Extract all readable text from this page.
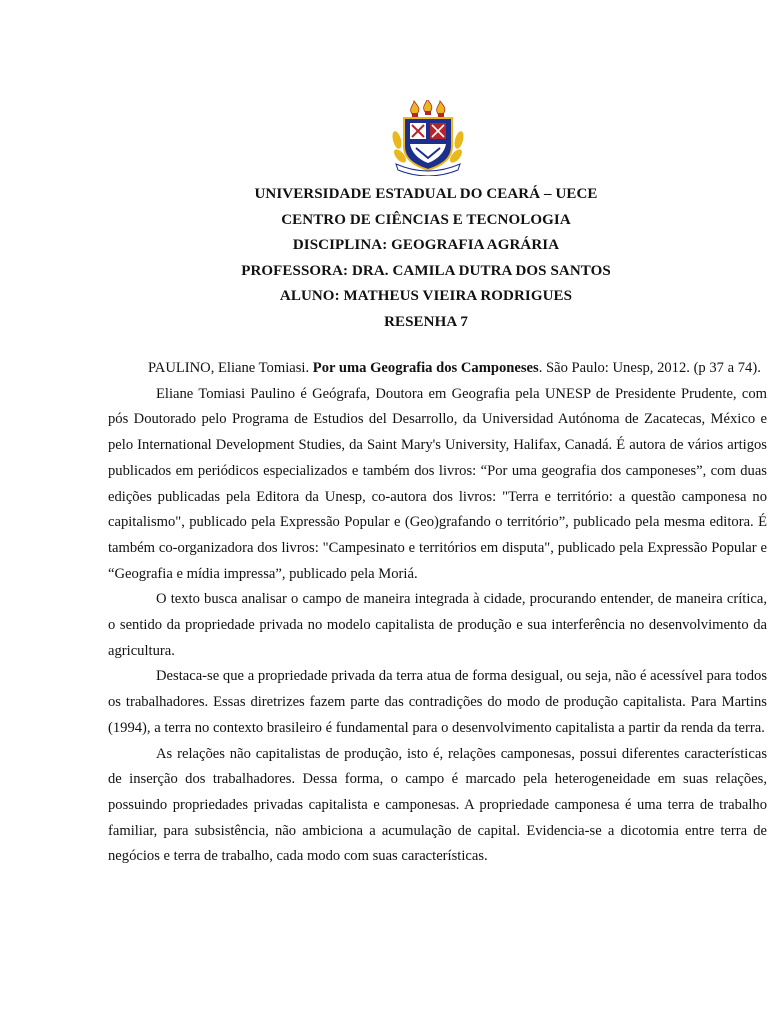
UNIVERSIDADE ESTADUAL DO CEARÁ – UECE
CENTRO DE CIÊNCIAS E TECNOLOGIA
DISCIPLINA: GEOGRAFIA AGRÁRIA
PROFESSORA: DRA. CAMILA DUTRA DOS SANTOS
ALUNO: MATHEUS VIEIRA RODRIGUES
RESENHA 7

PAULINO, Eliane Tomiasi. Por uma Geografia dos Camponeses. São Paulo: Unesp, 2012. (p 37 a 74).

Eliane Tomiasi Paulino é Geógrafa, Doutora em Geografia pela UNESP de Presidente Prudente, com pós Doutorado pelo Programa de Estudios del Desarrollo, da Universidad Autónoma de Zacatecas, México e pelo International Development Studies, da Saint Mary's University, Halifax, Canadá. É autora de vários artigos publicados em periódicos especializados e também dos livros: “Por uma geografia dos camponeses”, com duas edições publicadas pela Editora da Unesp, co-autora dos livros: "Terra e território: a questão camponesa no capitalismo", publicado pela Expressão Popular e (Geo)grafando o território”, publicado pela mesma editora. É também co-organizadora dos livros: "Campesinato e territórios em disputa", publicado pela Expressão Popular e “Geografia e mídia impressa”, publicado pela Moriá.

O texto busca analisar o campo de maneira integrada à cidade, procurando entender, de maneira crítica, o sentido da propriedade privada no modelo capitalista de produção e sua interferência no desenvolvimento da agricultura.

Destaca-se que a propriedade privada da terra atua de forma desigual, ou seja, não é acessível para todos os trabalhadores. Essas diretrizes fazem parte das contradições do modo de produção capitalista. Para Martins (1994), a terra no contexto brasileiro é fundamental para o desenvolvimento capitalista a partir da renda da terra.

As relações não capitalistas de produção, isto é, relações camponesas, possui diferentes características de inserção dos trabalhadores. Dessa forma, o campo é marcado pela heterogeneidade em suas relações, possuindo propriedades privadas capitalista e camponesas. A propriedade camponesa é uma terra de trabalho familiar, para subsistência, não ambiciona a acumulação de capital. Evidencia-se a dicotomia entre terra de negócios e terra de trabalho, cada modo com suas características.
